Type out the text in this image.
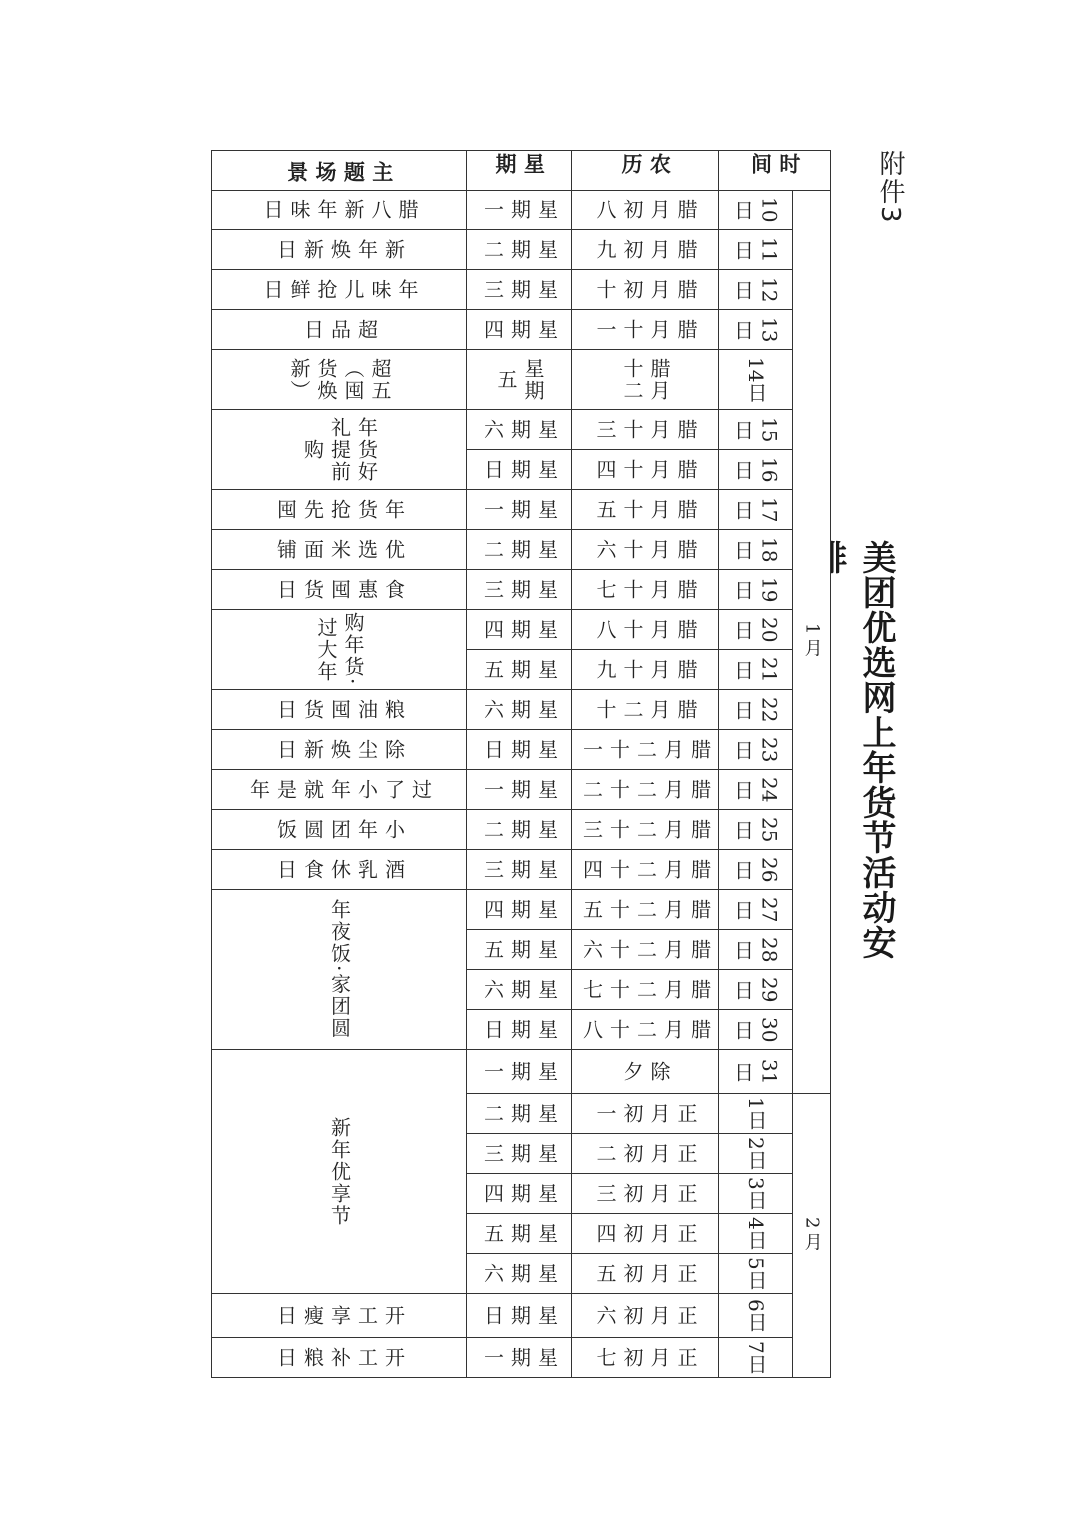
附件3
美团优选网上年货节活动安
时间
农历
星期
主题场景
1月
2月
10日
腊月初八
星期一
11日
腊月初九
星期二
12日
腊月初十
星期三
13日
腊月十一
星期四
14日
腊月十二
星期五
15日
腊月十三
星期六
16日
腊月十四
星期日
17日
腊月十五
星期一
18日
腊月十六
星期二
19日
腊月十七
星期三
20日
腊月十八
星期四
21日
腊月十九
星期五
22日
腊月二十
星期六
23日
腊月二十一
星期日
24日
腊月二十二
星期一
25日
腊月二十三
星期二
26日
腊月二十四
星期三
27日
腊月二十五
星期四
28日
腊月二十六
星期五
29日
腊月二十七
星期六
30日
腊月二十八
星期日
31日
除夕
星期一
1日
正月初一
星期二
2日
正月初二
星期三
3日
正月初三
星期四
4日
正月初四
星期五
5日
正月初五
星期六
6日
正月初六
星期日
7日
正月初七
星期一
腊八新年味日
新年焕新日
年味儿抢鲜日
超品日
超五（囤货焕新）
年货好礼提前购
年货抢先囤
优选米面铺
食惠囤货日
购年货·过大年
粮油囤货日
除尘焕新日
过了小年就是年
小年团圆饭
酒乳休食日
年夜饭·家团圆
新年优享节
开工享瘦日
开工补粮日
